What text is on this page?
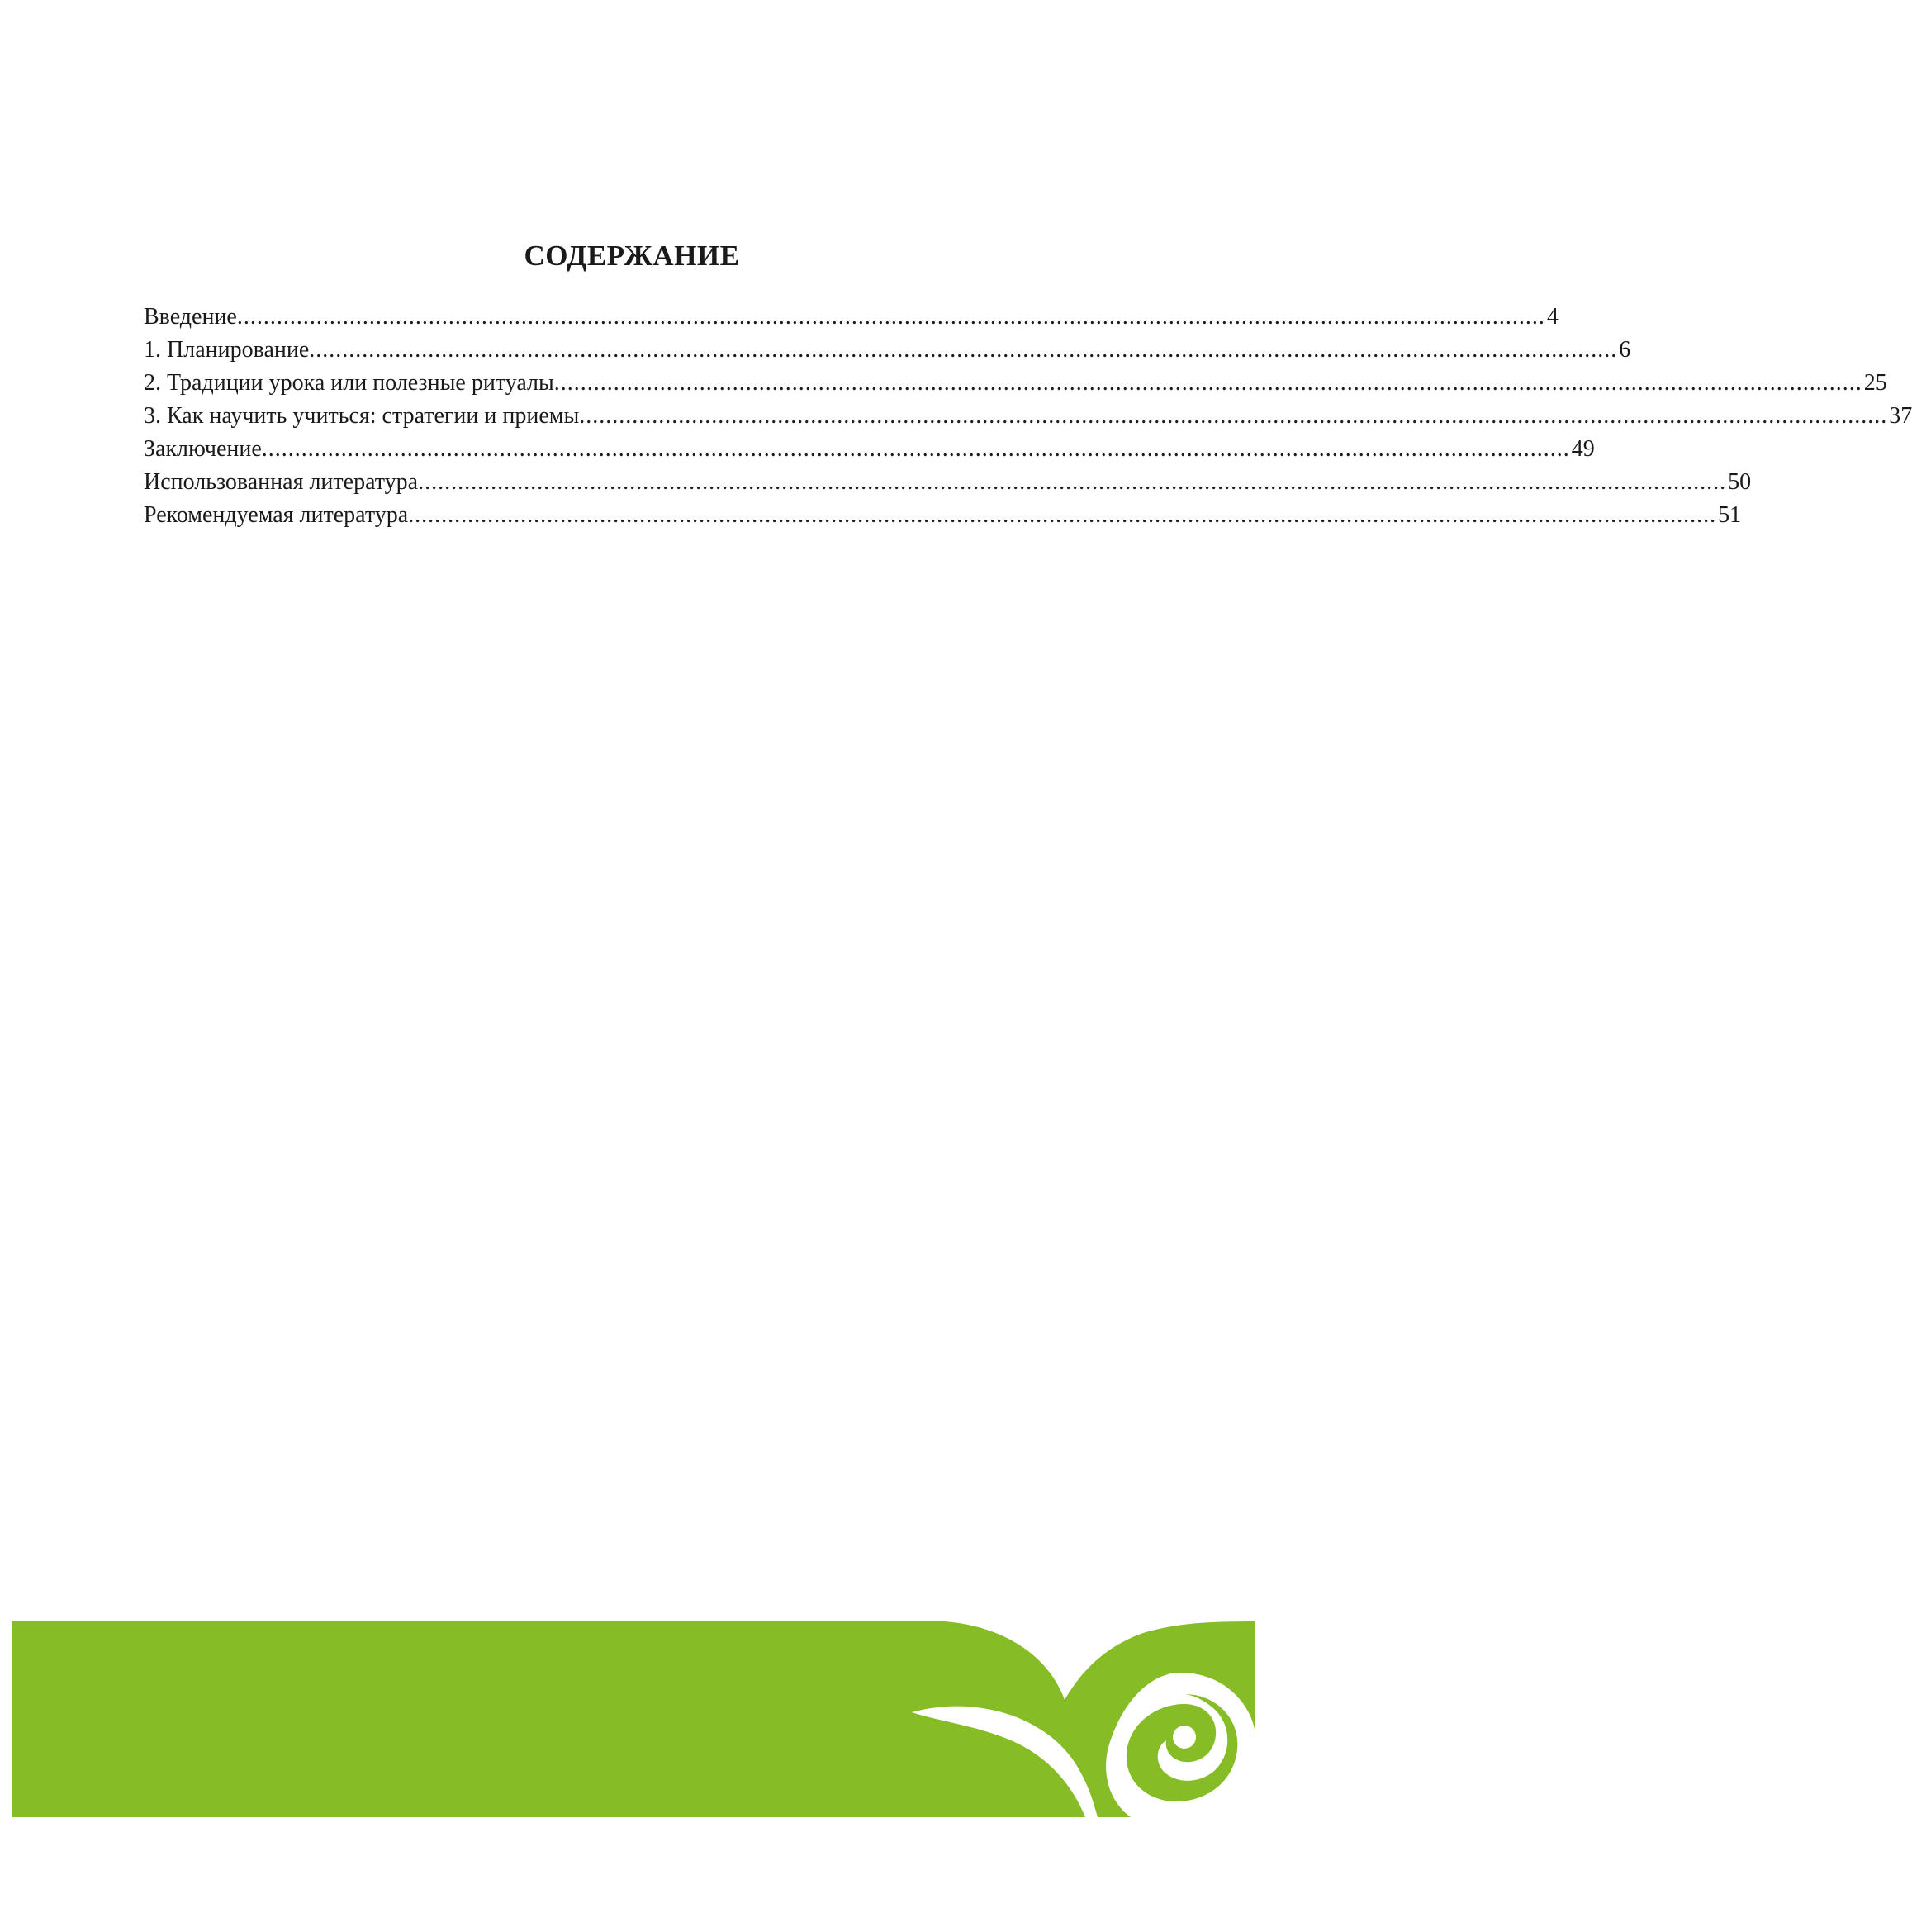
СОДЕРЖАНИЕ
Введение ...................................................................................................................................................................................................... 4
1. Планирование ...................................................................................................................................................................................................... 6
2. Традиции урока или полезные ритуалы ...................................................................................................................................................................................................... 25
3. Как научить учиться: стратегии и приемы ...................................................................................................................................................................................................... 37
Заключение ...................................................................................................................................................................................................... 49
Использованная литература ...................................................................................................................................................................................................... 50
Рекомендуемая литература ...................................................................................................................................................................................................... 51
